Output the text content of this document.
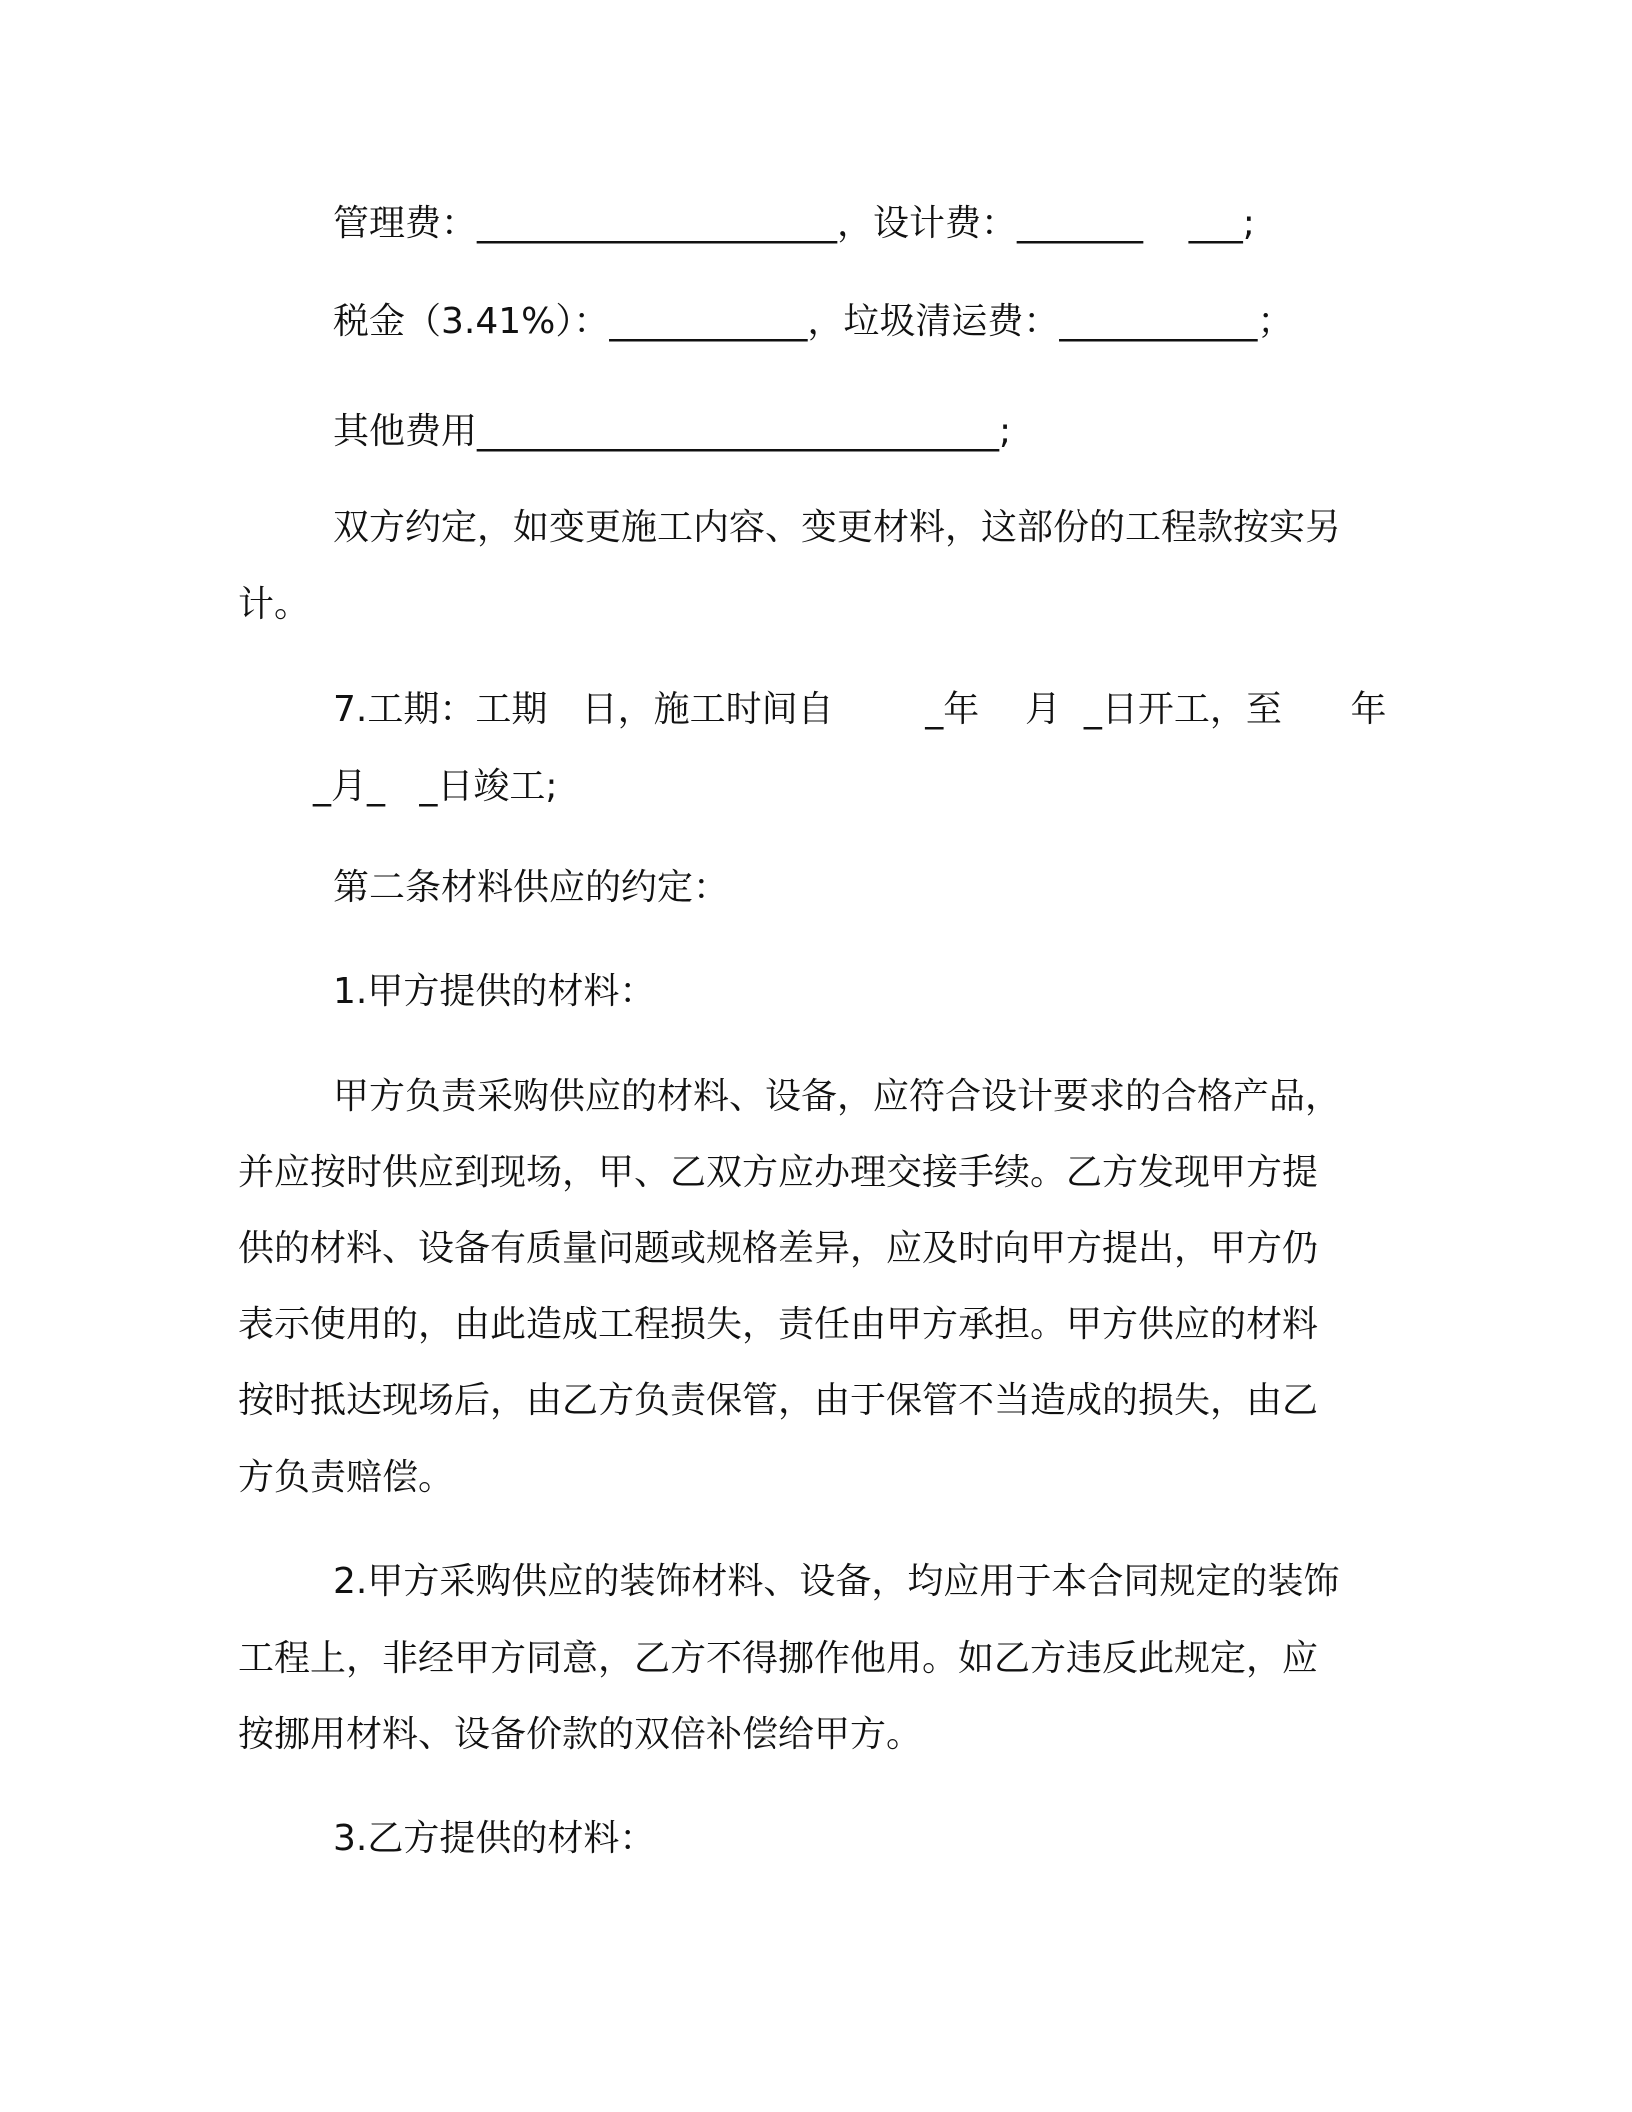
管理费：____________________，设计费：_______    ___;

税金（3.41%）：___________，垃圾清运费：___________；

其他费用_____________________________;

双方约定，如变更施工内容、变更材料，这部份的工程款按实另

计。

7.工期：工期   日，施工时间自        _年    月  _日开工，至      年

_月_   _日竣工;

第二条材料供应的约定：

1.甲方提供的材料：

甲方负责采购供应的材料、设备，应符合设计要求的合格产品，

并应按时供应到现场，甲、乙双方应办理交接手续。乙方发现甲方提

供的材料、设备有质量问题或规格差异，应及时向甲方提出，甲方仍

表示使用的，由此造成工程损失，责任由甲方承担。甲方供应的材料

按时抵达现场后，由乙方负责保管，由于保管不当造成的损失，由乙

方负责赔偿。

2.甲方采购供应的装饰材料、设备，均应用于本合同规定的装饰

工程上，非经甲方同意，乙方不得挪作他用。如乙方违反此规定，应

按挪用材料、设备价款的双倍补偿给甲方。

3.乙方提供的材料：
